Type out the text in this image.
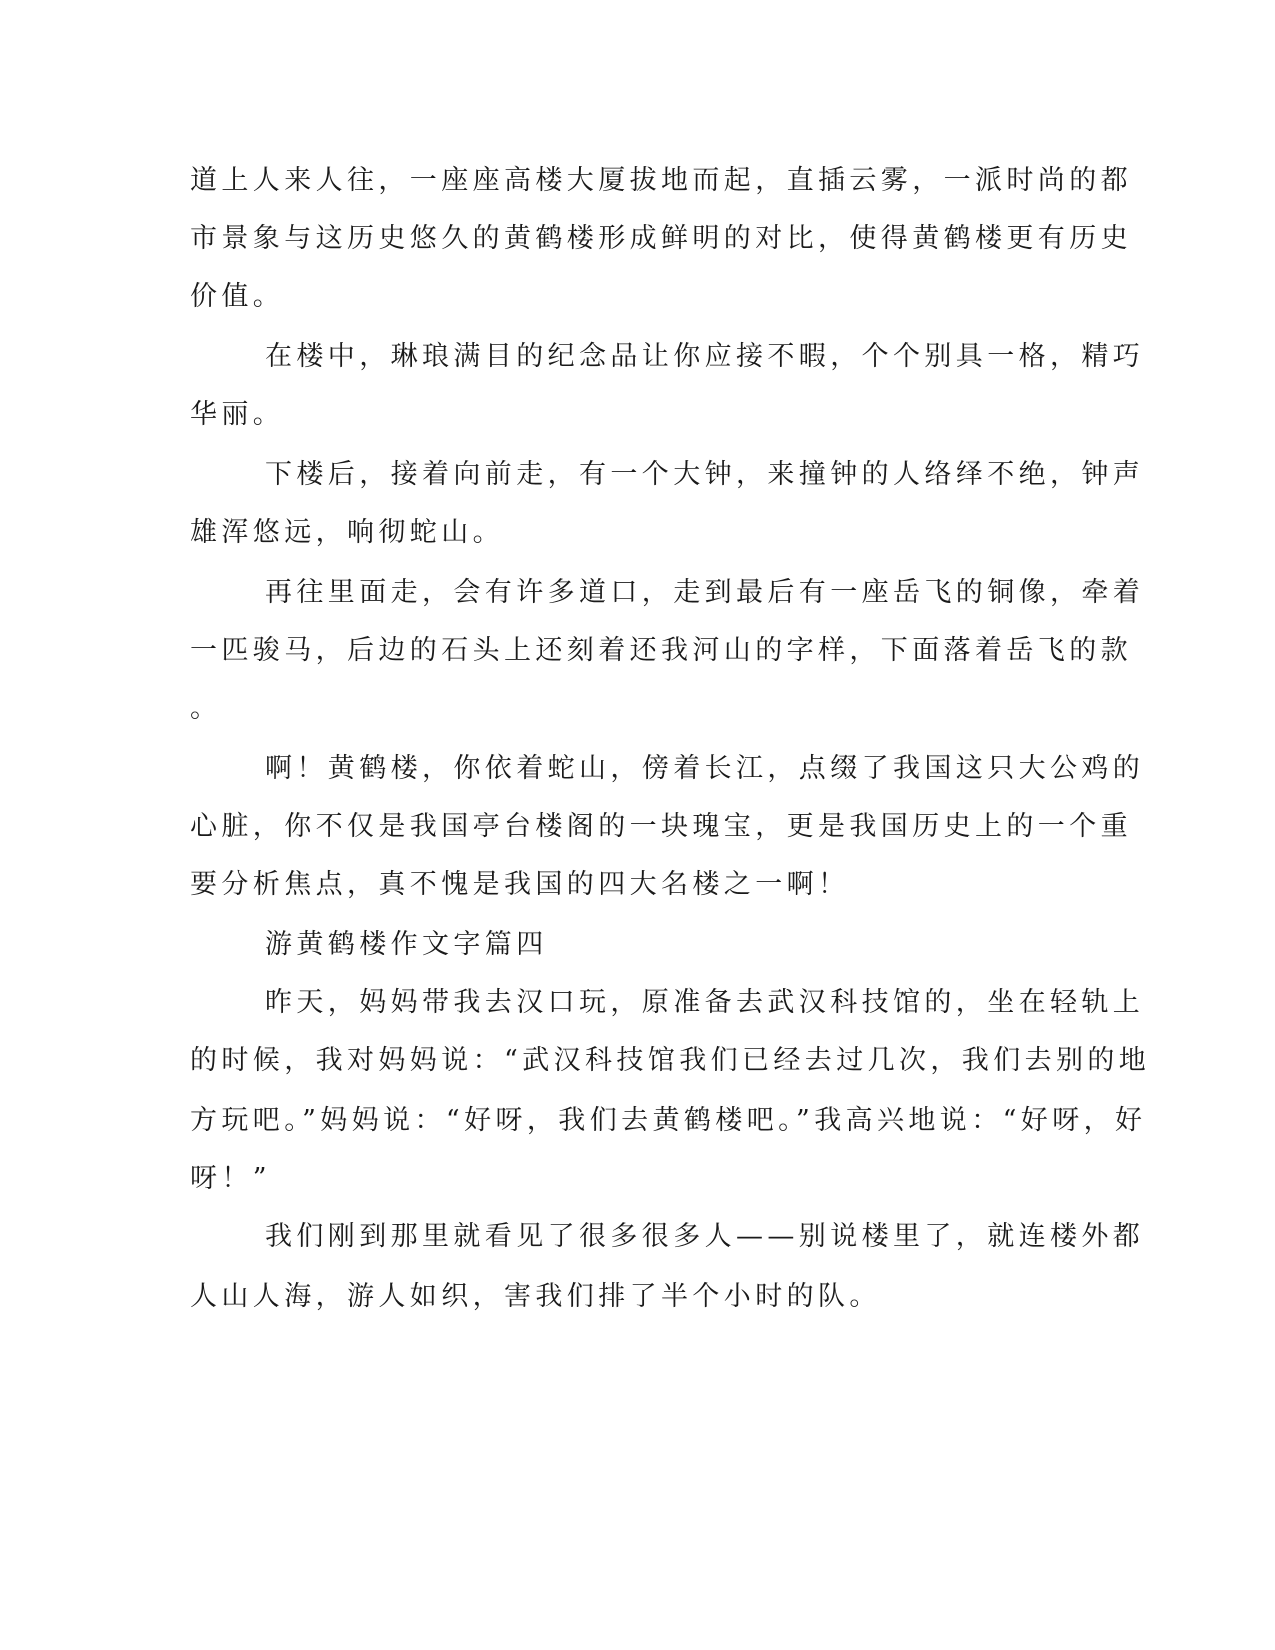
道上人来人往，一座座高楼大厦拔地而起，直插云雾，一派时尚的都
市景象与这历史悠久的黄鹤楼形成鲜明的对比，使得黄鹤楼更有历史
价值。
在楼中，琳琅满目的纪念品让你应接不暇，个个别具一格，精巧
华丽。
下楼后，接着向前走，有一个大钟，来撞钟的人络绎不绝，钟声
雄浑悠远，响彻蛇山。
再往里面走，会有许多道口，走到最后有一座岳飞的铜像，牵着
一匹骏马，后边的石头上还刻着还我河山的字样，下面落着岳飞的款
。
啊！黄鹤楼，你依着蛇山，傍着长江，点缀了我国这只大公鸡的
心脏，你不仅是我国亭台楼阁的一块瑰宝，更是我国历史上的一个重
要分析焦点，真不愧是我国的四大名楼之一啊！
游黄鹤楼作文字篇四
昨天，妈妈带我去汉口玩，原准备去武汉科技馆的，坐在轻轨上
的时候，我对妈妈说：“武汉科技馆我们已经去过几次，我们去别的地
方玩吧。”妈妈说：“好呀，我们去黄鹤楼吧。”我高兴地说：“好呀，好
呀！”
我们刚到那里就看见了很多很多人——别说楼里了，就连楼外都
人山人海，游人如织，害我们排了半个小时的队。
